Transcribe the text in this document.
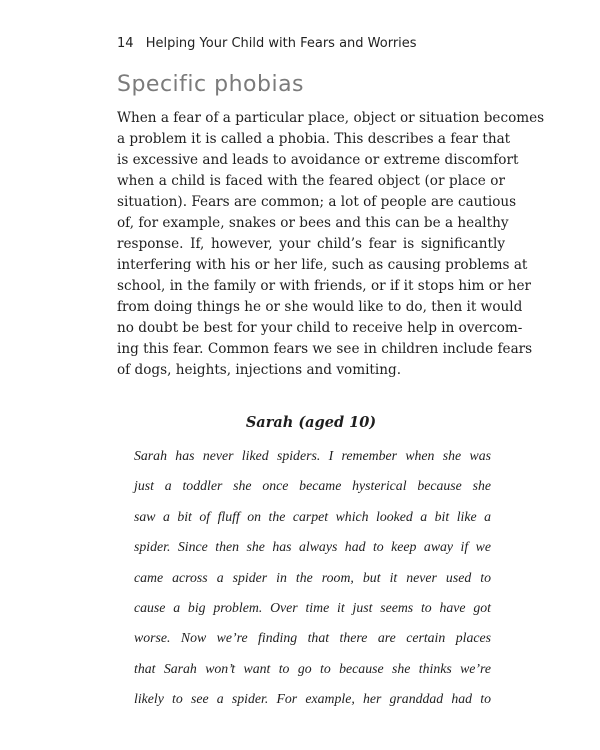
14 Helping Your Child with Fears and Worries
Specific phobias
When a fear of a particular place, object or situation becomes
a problem it is called a phobia. This describes a fear that
is excessive and leads to avoidance or extreme discomfort
when a child is faced with the feared object (or place or
situation). Fears are common; a lot of people are cautious
of, for example, snakes or bees and this can be a healthy
response. If, however, your child’s fear is significantly
interfering with his or her life, such as causing problems at
school, in the family or with friends, or if it stops him or her
from doing things he or she would like to do, then it would
no doubt be best for your child to receive help in overcom-
ing this fear. Common fears we see in children include fears
of dogs, heights, injections and vomiting.
Sarah (aged 10)
Sarah has never liked spiders. I remember when she was
just a toddler she once became hysterical because she
saw a bit of fluff on the carpet which looked a bit like a
spider. Since then she has always had to keep away if we
came across a spider in the room, but it never used to
cause a big problem. Over time it just seems to have got
worse. Now we’re finding that there are certain places
that Sarah won’t want to go to because she thinks we’re
likely to see a spider. For example, her granddad had to
